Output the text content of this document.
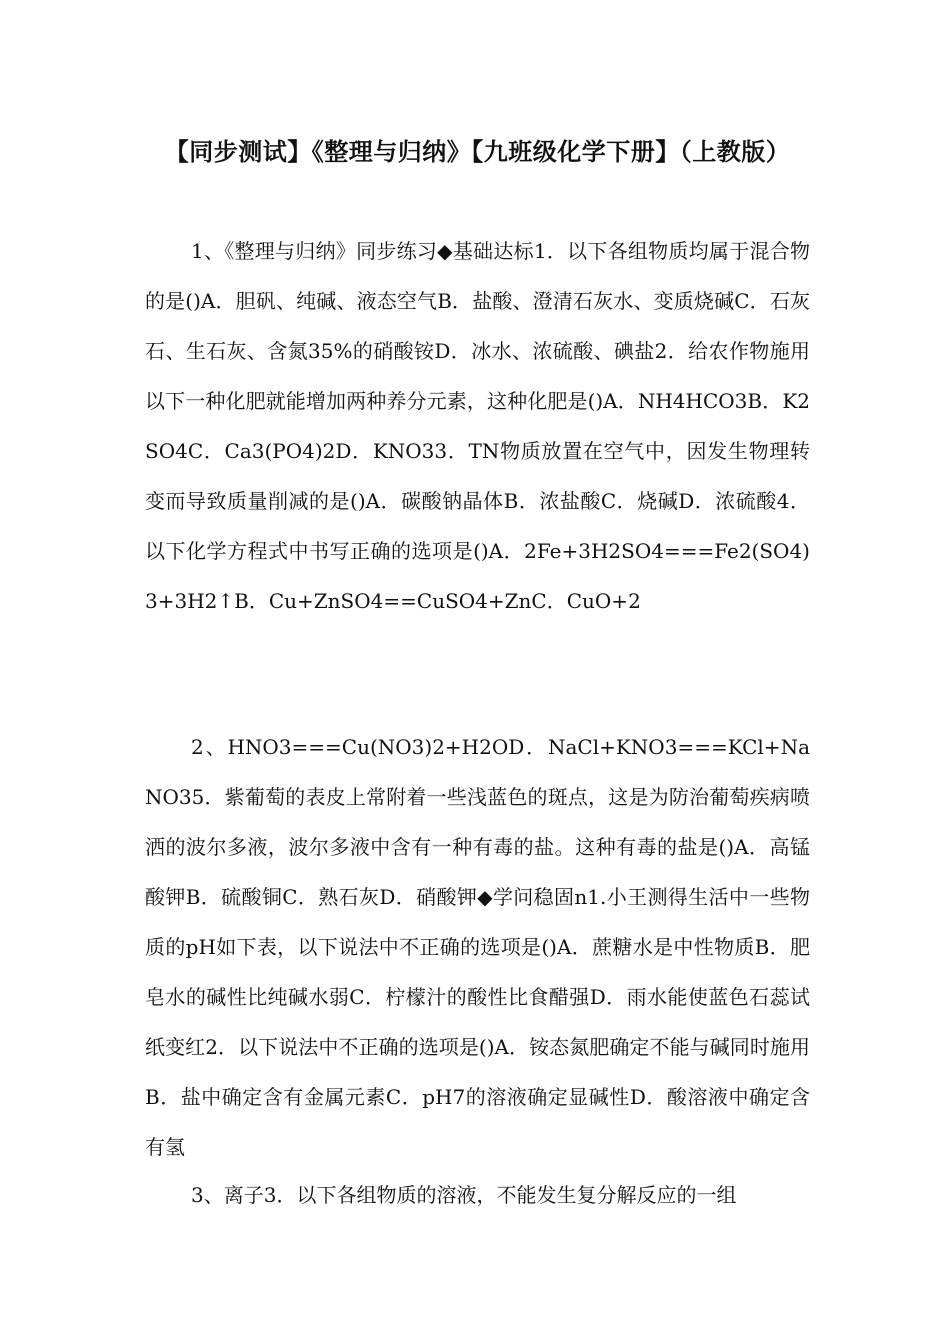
【同步测试】《整理与归纳》【九班级化学下册】（上教版）

1、《整理与归纳》同步练习◆基础达标1．以下各组物质均属于混合物的是()A．胆矾、纯碱、液态空气B．盐酸、澄清石灰水、变质烧碱C．石灰石、生石灰、含氮35%的硝酸铵D．冰水、浓硫酸、碘盐2．给农作物施用以下一种化肥就能增加两种养分元素，这种化肥是()A．NH4HCO3B．K2SO4C．Ca3(PO4)2D．KNO33．TN物质放置在空气中，因发生物理转变而导致质量削减的是()A．碳酸钠晶体B．浓盐酸C．烧碱D．浓硫酸4．以下化学方程式中书写正确的选项是()A．2Fe+3H2SO4===Fe2(SO4)3+3H2↑B．Cu+ZnSO4==CuSO4+ZnC．CuO+2

2、HNO3===Cu(NO3)2+H2OD．NaCl+KNO3===KCl+NaNO35．紫葡萄的表皮上常附着一些浅蓝色的斑点，这是为防治葡萄疾病喷洒的波尔多液，波尔多液中含有一种有毒的盐。这种有毒的盐是()A．高锰酸钾B．硫酸铜C．熟石灰D．硝酸钾◆学问稳固n1.小王测得生活中一些物质的pH如下表，以下说法中不正确的选项是()A．蔗糖水是中性物质B．肥皂水的碱性比纯碱水弱C．柠檬汁的酸性比食醋强D．雨水能使蓝色石蕊试纸变红2．以下说法中不正确的选项是()A．铵态氮肥确定不能与碱同时施用B．盐中确定含有金属元素C．pH7的溶液确定显碱性D．酸溶液中确定含有氢

3、离子3．以下各组物质的溶液，不能发生复分解反应的一组
